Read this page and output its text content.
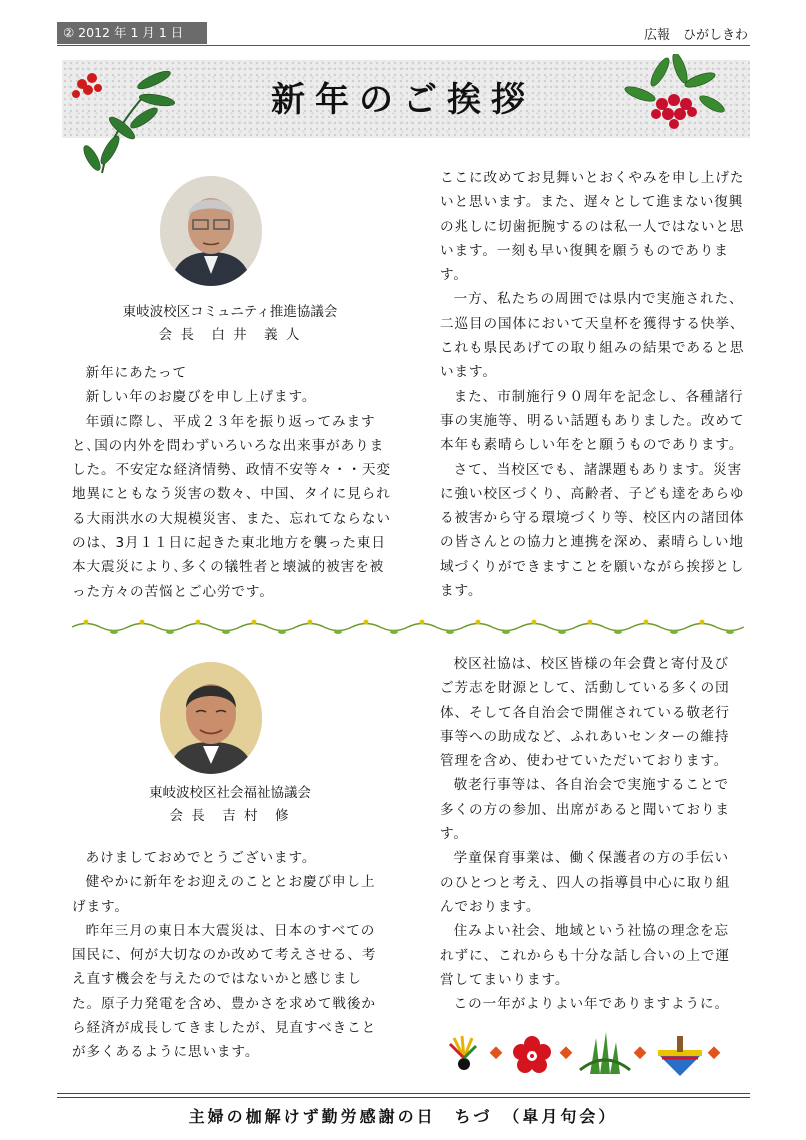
② 2012 年 1 月 1 日	広報　ひがしきわ
新年のご挨拶
東岐波校区コミュニティ推進協議会
会 長　白 井　義 人

新年にあたって

新しい年のお慶びを申し上げます。

年頭に際し、平成２３年を振り返ってみます

と､国の内外を問わずいろいろな出来事がありま

した。不安定な経済情勢、政情不安等々・・天変

地異にともなう災害の数々、中国、タイに見られ

る大雨洪水の大規模災害、また、忘れてならない

のは、3月１１日に起きた東北地方を襲った東日

本大震災により､多くの犠牲者と壊滅的被害を被

った方々の苦悩とご心労です。

ここに改めてお見舞いとおくやみを申し上げた

いと思います。また、遅々として進まない復興

の兆しに切歯扼腕するのは私一人ではないと思

います。一刻も早い復興を願うものであります。

一方、私たちの周囲では県内で実施された、

二巡目の国体において天皇杯を獲得する快挙、

これも県民あげての取り組みの結果であると思

います。

また、市制施行９０周年を記念し、各種諸行

事の実施等、明るい話題もありました。改めて

本年も素晴らしい年をと願うものであります。

さて、当校区でも、諸課題もあります。災害

に強い校区づくり、高齢者、子ども達をあらゆ

る被害から守る環境づくり等、校区内の諸団体

の皆さんとの協力と連携を深め、素晴らしい地

域づくりができますことを願いながら挨拶とし

ます。

東岐波校区社会福祉協議会
会 長　吉 村　修

あけましておめでとうございます。

健やかに新年をお迎えのこととお慶び申し上

げます。

昨年三月の東日本大震災は、日本のすべての

国民に、何が大切なのか改めて考えさせる、考

え直す機会を与えたのではないかと感じまし

た。原子力発電を含め、豊かさを求めて戦後か

ら経済が成長してきましたが、見直すべきこと

が多くあるように思います。

校区社協は、校区皆様の年会費と寄付及び

ご芳志を財源として、活動している多くの団

体、そして各自治会で開催されている敬老行

事等への助成など、ふれあいセンターの維持

管理を含め、使わせていただいております。

敬老行事等は、各自治会で実施することで

多くの方の参加、出席があると聞いておりま

す。

学童保育事業は、働く保護者の方の手伝い

のひとつと考え、四人の指導員中心に取り組

んでおります。

住みよい社会、地域という社協の理念を忘

れずに、これからも十分な話し合いの上で運

営してまいります。

この一年がよりよい年でありますように。

主婦の枷解けず勤労感謝の日　ちづ　（皐月句会）
